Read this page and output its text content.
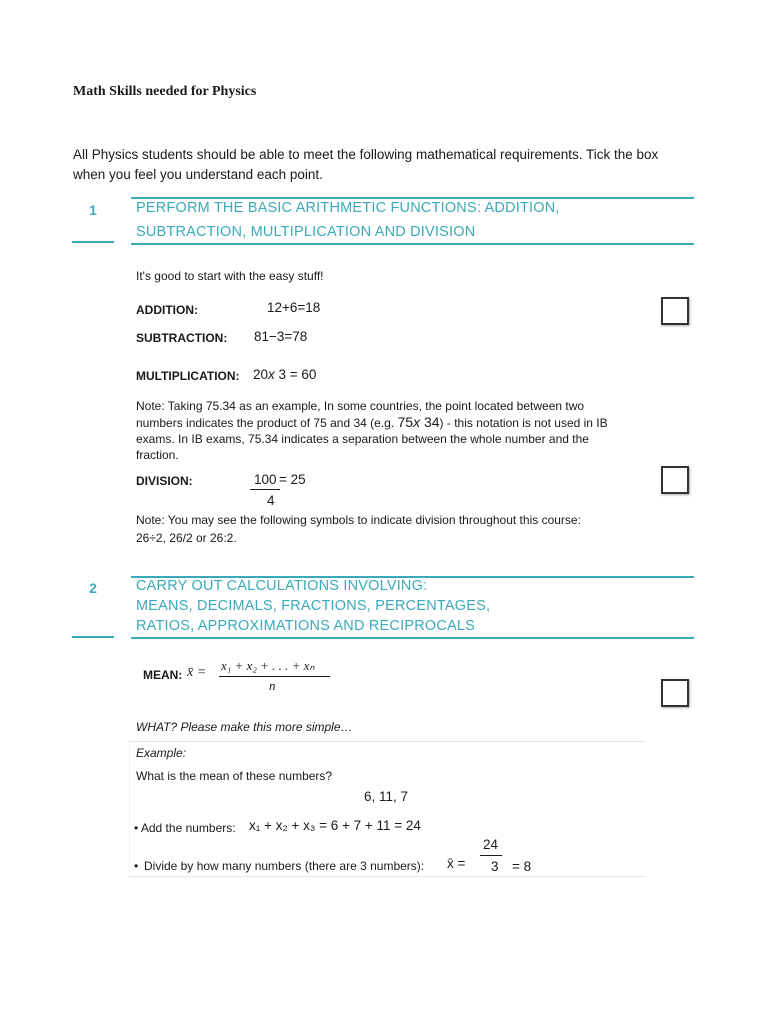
Math Skills needed for Physics
All Physics students should be able to meet the following mathematical requirements. Tick the box when you feel you understand each point.
1	PERFORM THE BASIC ARITHMETIC FUNCTIONS: ADDITION,
SUBTRACTION, MULTIPLICATION AND DIVISION
It's good to start with the easy stuff!
ADDITION:	12+6=18
SUBTRACTION: 81−3=78
MULTIPLICATION: 20x 3 = 60
Note: Taking 75.34 as an example, In some countries, the point located between two numbers indicates the product of 75 and 34 (e.g. 75x 34) - this notation is not used in IB exams. In IB exams, 75.34 indicates a separation between the whole number and the fraction.
DIVISION:	100 = 25
4
Note: You may see the following symbols to indicate division throughout this course:
26÷2, 26/2 or 26:2.
2	CARRY OUT CALCULATIONS INVOLVING:
MEANS, DECIMALS, FRACTIONS, PERCENTAGES,
RATIOS, APPROXIMATIONS AND RECIPROCALS
MEAN: x̄ = x₁ + x₂ + . . . + xₙ
n
WHAT? Please make this more simple…
Example:
What is the mean of these numbers?
6, 11, 7
• Add the numbers: x₁ + x₂ + x₃ = 6 + 7 + 11 = 24
24
• Divide by how many numbers (there are 3 numbers): x̄ = 3 = 8
